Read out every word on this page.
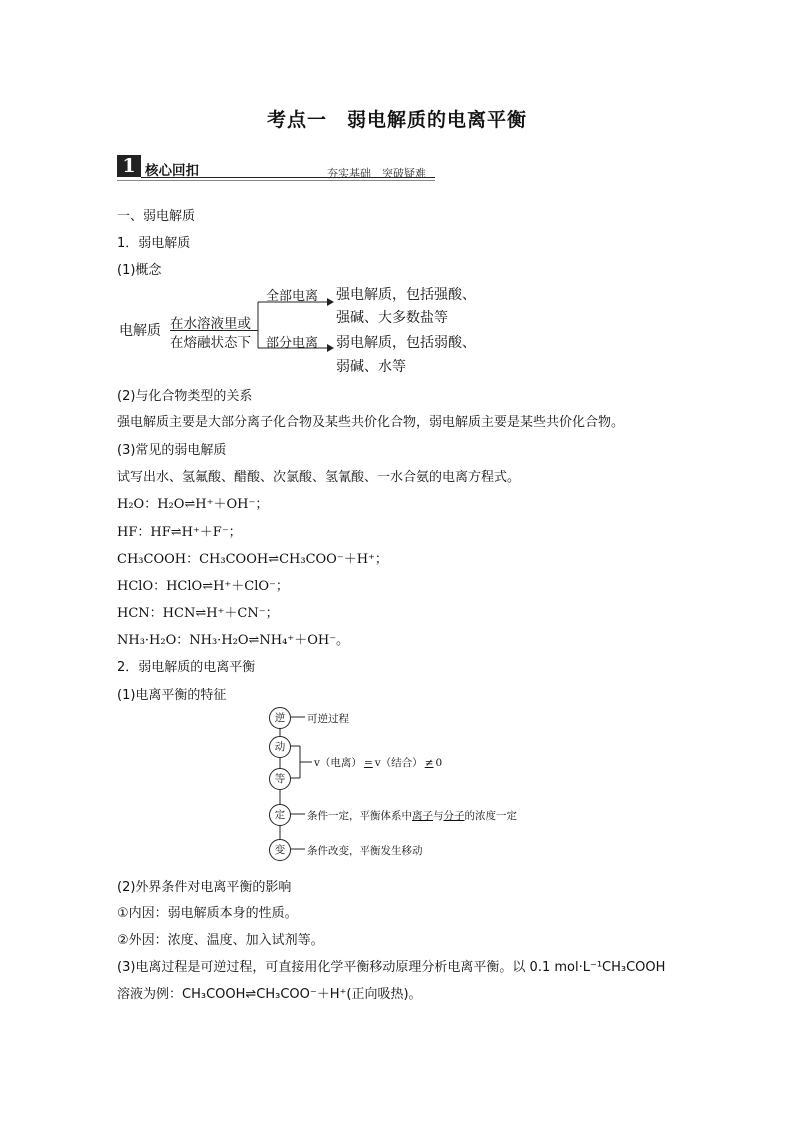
考点一　弱电解质的电离平衡
1 核心回扣	夯实基础　突破疑难
一、弱电解质
1．弱电解质
(1)概念
电解质 在水溶液里或
在熔融状态下
全部电离
部分电离
强电解质，包括强酸、
强碱、大多数盐等
弱电解质，包括弱酸、
弱碱、水等
(2)与化合物类型的关系
强电解质主要是大部分离子化合物及某些共价化合物，弱电解质主要是某些共价化合物。
(3)常见的弱电解质
试写出水、氢氟酸、醋酸、次氯酸、氢氰酸、一水合氨的电离方程式。
H₂O：H₂O⇌H⁺＋OH⁻；
HF：HF⇌H⁺＋F⁻；
CH₃COOH：CH₃COOH⇌CH₃COO⁻＋H⁺；
HClO：HClO⇌H⁺＋ClO⁻；
HCN：HCN⇌H⁺＋CN⁻；
NH₃·H₂O：NH₃·H₂O⇌NH₄⁺＋OH⁻。
2．弱电解质的电离平衡
(1)电离平衡的特征
逆
动
等
定
变
可逆过程
v（电离） = v（结合） ≠ 0
条件一定，平衡体系中离子与分子的浓度一定
条件改变，平衡发生移动
(2)外界条件对电离平衡的影响
①内因：弱电解质本身的性质。
②外因：浓度、温度、加入试剂等。
(3)电离过程是可逆过程，可直接用化学平衡移动原理分析电离平衡。以 0.1 mol·L⁻¹CH₃COOH
溶液为例：CH₃COOH⇌CH₃COO⁻＋H⁺(正向吸热)。
